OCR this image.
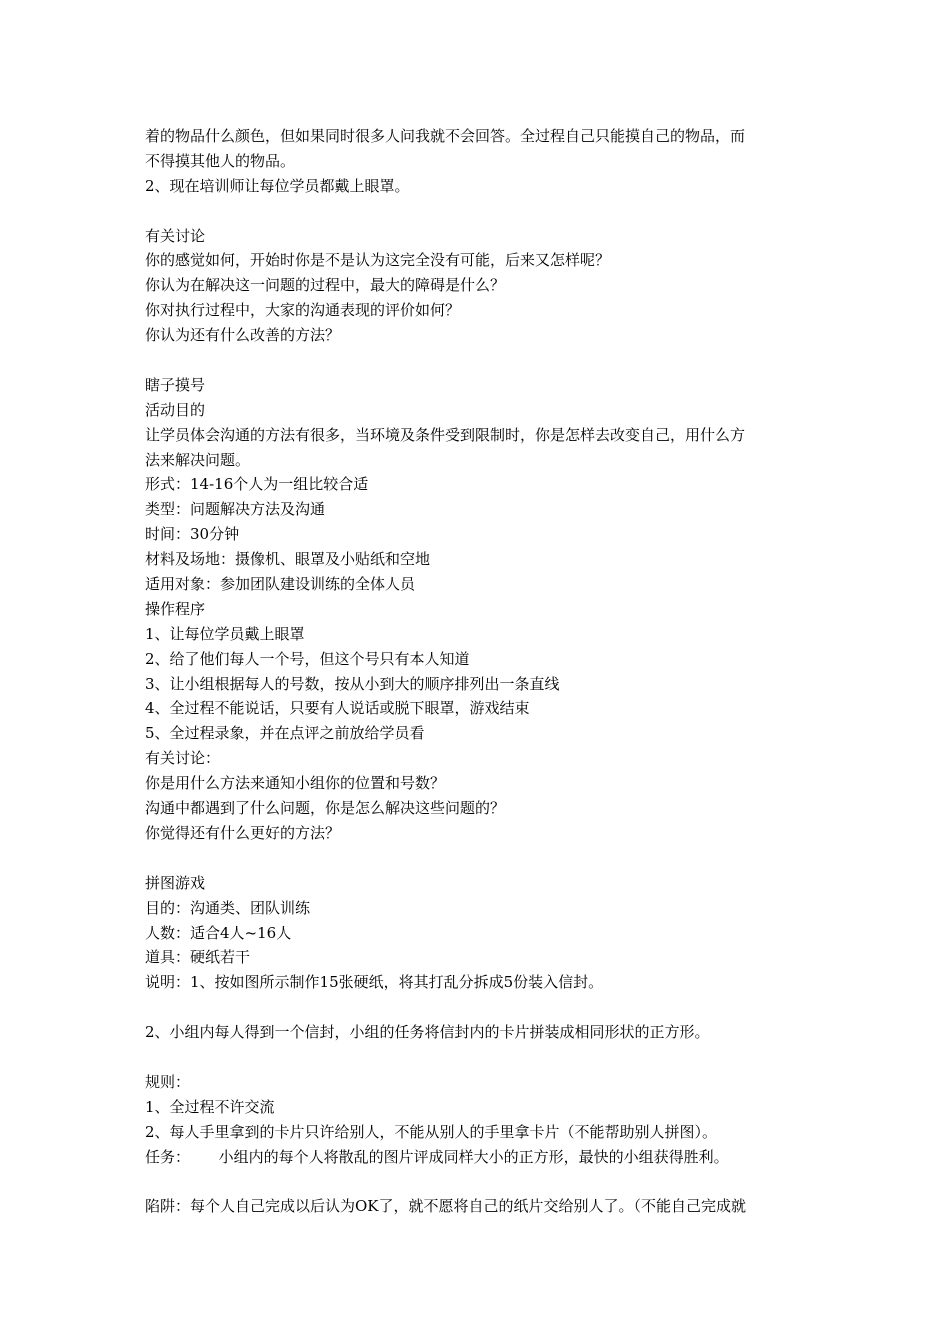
着的物品什么颜色，但如果同时很多人问我就不会回答。全过程自己只能摸自己的物品，而
不得摸其他人的物品。
2、现在培训师让每位学员都戴上眼罩。
有关讨论
你的感觉如何，开始时你是不是认为这完全没有可能，后来又怎样呢？
你认为在解决这一问题的过程中，最大的障碍是什么？
你对执行过程中，大家的沟通表现的评价如何？
你认为还有什么改善的方法？
瞎子摸号
活动目的
让学员体会沟通的方法有很多，当环境及条件受到限制时，你是怎样去改变自己，用什么方
法来解决问题。
形式：14-16个人为一组比较合适
类型：问题解决方法及沟通
时间：30分钟
材料及场地：摄像机、眼罩及小贴纸和空地
适用对象：参加团队建设训练的全体人员
操作程序
1、让每位学员戴上眼罩
2、给了他们每人一个号，但这个号只有本人知道
3、让小组根据每人的号数，按从小到大的顺序排列出一条直线
4、全过程不能说话，只要有人说话或脱下眼罩，游戏结束
5、全过程录象，并在点评之前放给学员看
有关讨论：
你是用什么方法来通知小组你的位置和号数？
沟通中都遇到了什么问题，你是怎么解决这些问题的？
你觉得还有什么更好的方法？
拼图游戏
目的：沟通类、团队训练
人数：适合4人~16人
道具：硬纸若干
说明：1、按如图所示制作15张硬纸，将其打乱分拆成5份装入信封。
2、小组内每人得到一个信封，小组的任务将信封内的卡片拼装成相同形状的正方形。
规则：
1、全过程不许交流
2、每人手里拿到的卡片只许给别人，不能从别人的手里拿卡片（不能帮助别人拼图）。
任务：      小组内的每个人将散乱的图片评成同样大小的正方形，最快的小组获得胜利。
陷阱：每个人自己完成以后认为OK了，就不愿将自己的纸片交给别人了。（不能自己完成就
